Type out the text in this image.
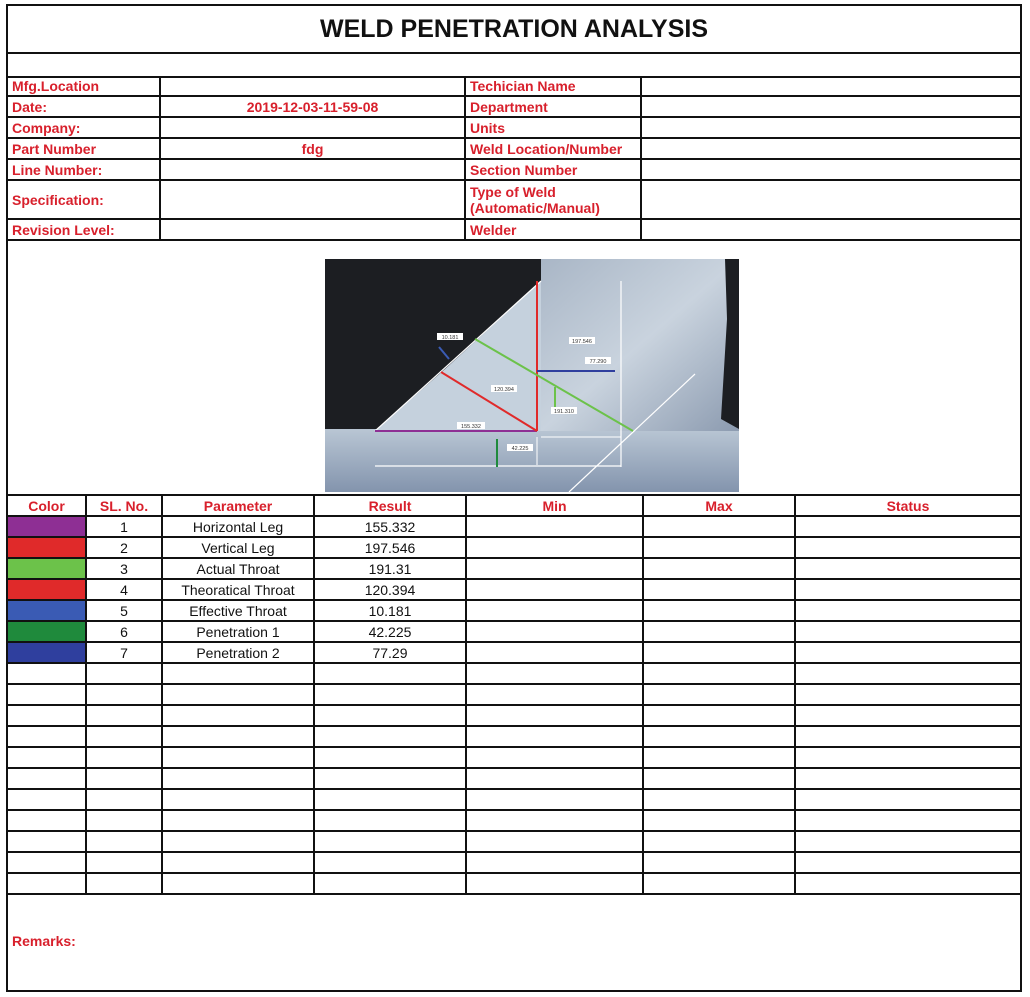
WELD PENETRATION ANALYSIS
Mfg.Location		Techician Name	
Date:	2019-12-03-11-59-08	Department	
Company:		Units	
Part Number	fdg	Weld Location/Number	
Line Number:		Section Number	
Specification:		Type of Weld (Automatic/Manual)	
Revision Level:		Welder	
10.181
197.546
77.290
120.394
191.310
155.332
42.225
Color	SL. No.	Parameter	Result	Min	Max	Status

	1	Horizontal Leg	155.332			

	2	Vertical Leg	197.546			

	3	Actual Throat	191.31			

	4	Theoratical Throat	120.394			

	5	Effective Throat	10.181			

	6	Penetration 1	42.225			

	7	Penetration 2	77.29			

Remarks:
